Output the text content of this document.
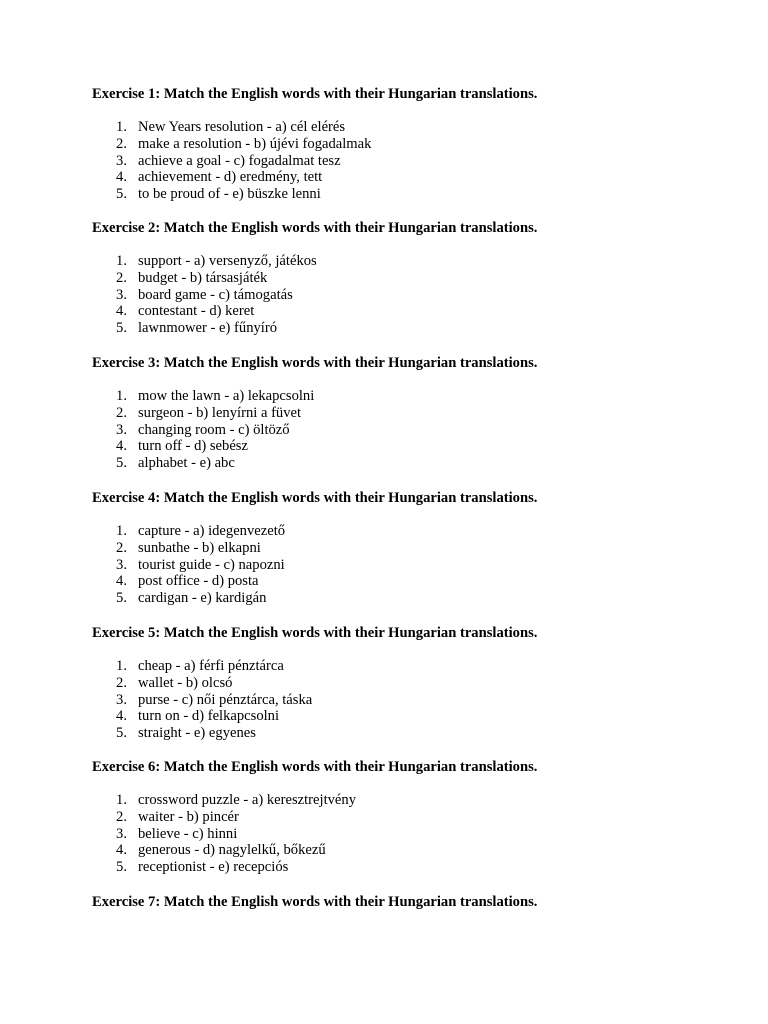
Exercise 1: Match the English words with their Hungarian translations.

1. New Years resolution - a) cél elérés
2. make a resolution - b) újévi fogadalmak
3. achieve a goal - c) fogadalmat tesz
4. achievement - d) eredmény, tett
5. to be proud of - e) büszke lenni

Exercise 2: Match the English words with their Hungarian translations.

1. support - a) versenyző, játékos
2. budget - b) társasjáték
3. board game - c) támogatás
4. contestant - d) keret
5. lawnmower - e) fűnyíró

Exercise 3: Match the English words with their Hungarian translations.

1. mow the lawn - a) lekapcsolni
2. surgeon - b) lenyírni a füvet
3. changing room - c) öltöző
4. turn off - d) sebész
5. alphabet - e) abc

Exercise 4: Match the English words with their Hungarian translations.

1. capture - a) idegenvezető
2. sunbathe - b) elkapni
3. tourist guide - c) napozni
4. post office - d) posta
5. cardigan - e) kardigán

Exercise 5: Match the English words with their Hungarian translations.

1. cheap - a) férfi pénztárca
2. wallet - b) olcsó
3. purse - c) női pénztárca, táska
4. turn on - d) felkapcsolni
5. straight - e) egyenes

Exercise 6: Match the English words with their Hungarian translations.

1. crossword puzzle - a) keresztrejtvény
2. waiter - b) pincér
3. believe - c) hinni
4. generous - d) nagylelkű, bőkezű
5. receptionist - e) recepciós

Exercise 7: Match the English words with their Hungarian translations.
